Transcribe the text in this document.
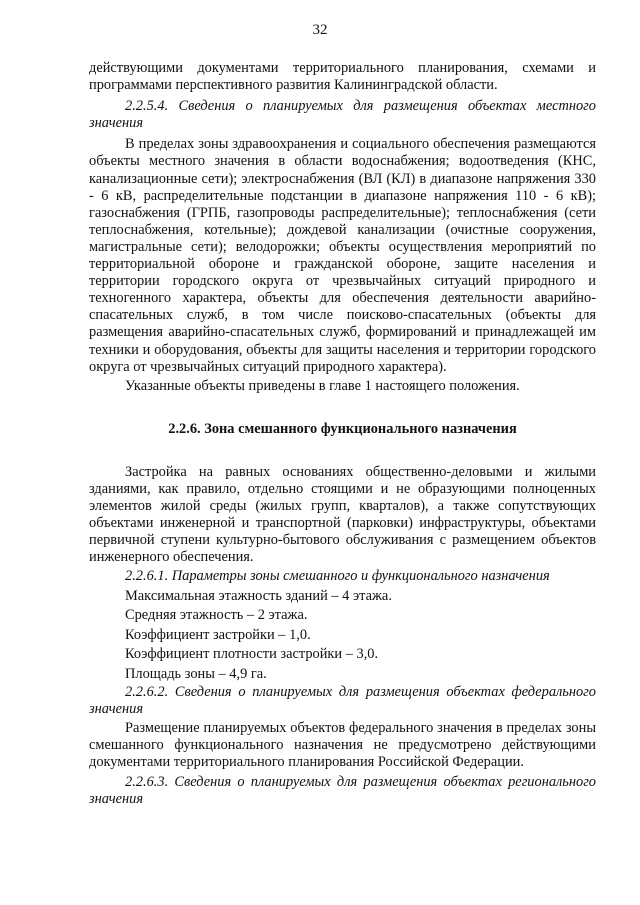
32

действующими документами территориального планирования, схемами и программами перспективного развития Калининградской области.

2.2.5.4. Сведения о планируемых для размещения объектах местного значения

В пределах зоны здравоохранения и социального обеспечения размещаются объекты местного значения в области водоснабжения; водоотведения (КНС, канализационные сети); электроснабжения (ВЛ (КЛ) в диапазоне напряжения 330 - 6 кВ, распределительные подстанции в диапазоне напряжения 110 - 6 кВ); газоснабжения (ГРПБ, газопроводы распределительные); теплоснабжения (сети теплоснабжения, котельные); дождевой канализации (очистные сооружения, магистральные сети); велодорожки; объекты осуществления мероприятий по территориальной обороне и гражданской обороне, защите населения и территории городского округа от чрезвычайных ситуаций природного и техногенного характера, объекты для обеспечения деятельности аварийно-спасательных служб, в том числе поисково-спасательных (объекты для размещения аварийно-спасательных служб, формирований и принадлежащей им техники и оборудования, объекты для защиты населения и территории городского округа от чрезвычайных ситуаций природного характера).

Указанные объекты приведены в главе 1 настоящего положения.

2.2.6. Зона смешанного функционального назначения

Застройка на равных основаниях общественно-деловыми и жилыми зданиями, как правило, отдельно стоящими и не образующими полноценных элементов жилой среды (жилых групп, кварталов), а также сопутствующих объектами инженерной и транспортной (парковки) инфраструктуры, объектами первичной ступени культурно-бытового обслуживания с размещением объектов инженерного обеспечения.

2.2.6.1. Параметры зоны смешанного и функционального назначения

Максимальная этажность зданий – 4 этажа.

Средняя этажность – 2 этажа.

Коэффициент застройки – 1,0.

Коэффициент плотности застройки – 3,0.

Площадь зоны – 4,9 га.

2.2.6.2. Сведения о планируемых для размещения объектах федерального значения

Размещение планируемых объектов федерального значения в пределах зоны смешанного функционального назначения не предусмотрено действующими документами территориального планирования Российской Федерации.

2.2.6.3. Сведения о планируемых для размещения объектах регионального значения
